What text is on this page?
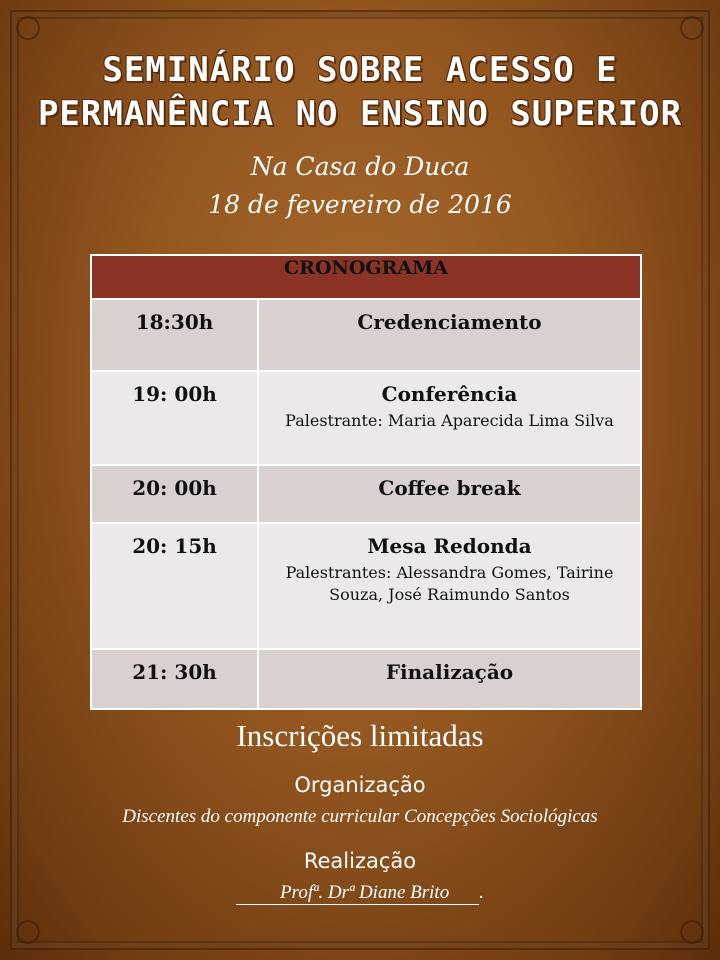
SEMINÁRIO SOBRE ACESSO E
PERMANÊNCIA NO ENSINO SUPERIOR
Na Casa do Duca
18 de fevereiro de 2016
CRONOGRAMA	
18:30h	Credenciamento

19: 00h	Conferência
Palestrante: Maria Aparecida Lima Silva

20: 00h	Coffee break

20: 15h	Mesa Redonda
Palestrantes: Alessandra Gomes, Tairine Souza, José Raimundo Santos

21: 30h	Finalização
Inscrições limitadas
Organização
Discentes do componente curricular Concepções Sociológicas
Realização
Profª. Drª Diane Brito .
